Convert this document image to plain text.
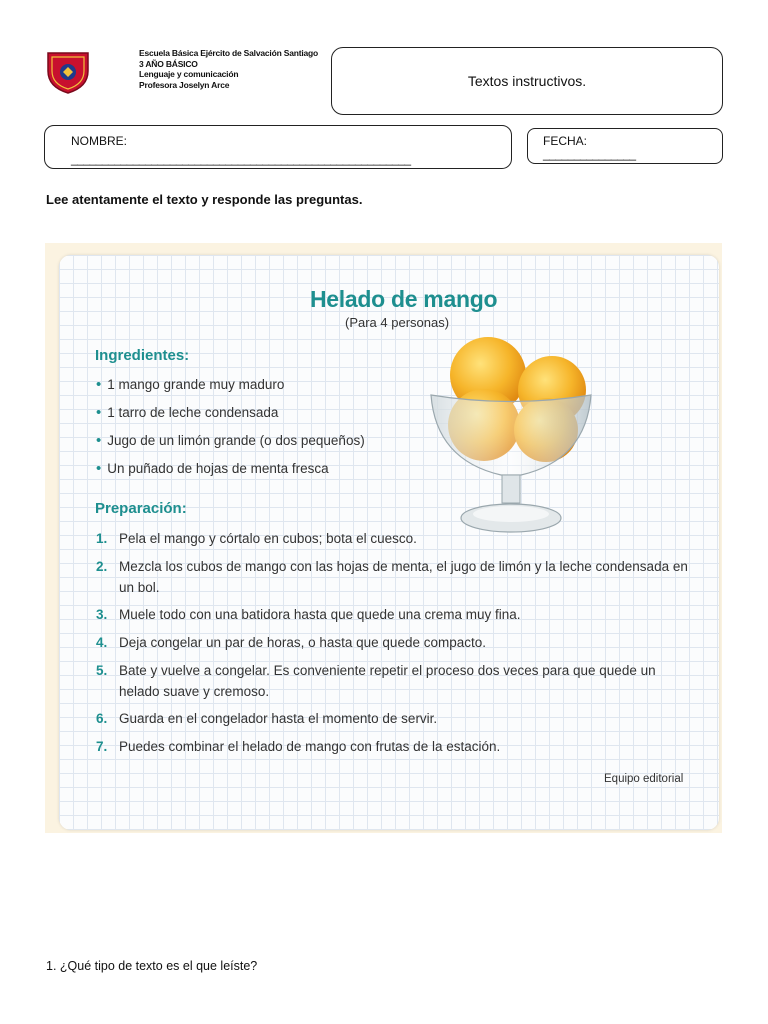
Escuela Básica Ejército de Salvación Santiago
3 AÑO BÁSICO
Lenguaje y comunicación
Profesora Joselyn Arce	Textos instructivos.
NOMBRE:
_______________________________________________________
FECHA:
_______________
Lee atentamente el texto y responde las preguntas.
Helado de mango
(Para 4 personas)
Ingredientes:
• 1 mango grande muy maduro
• 1 tarro de leche condensada
• Jugo de un limón grande (o dos pequeños)
• Un puñado de hojas de menta fresca
Preparación:
1. Pela el mango y córtalo en cubos; bota el cuesco.
2. Mezcla los cubos de mango con las hojas de menta, el jugo de limón y la leche condensada en un bol.
3. Muele todo con una batidora hasta que quede una crema muy fina.
4. Deja congelar un par de horas, o hasta que quede compacto.
5. Bate y vuelve a congelar. Es conveniente repetir el proceso dos veces para que quede un helado suave y cremoso.
6. Guarda en el congelador hasta el momento de servir.
7. Puedes combinar el helado de mango con frutas de la estación.
Equipo editorial
1. ¿Qué tipo de texto es el que leíste?
